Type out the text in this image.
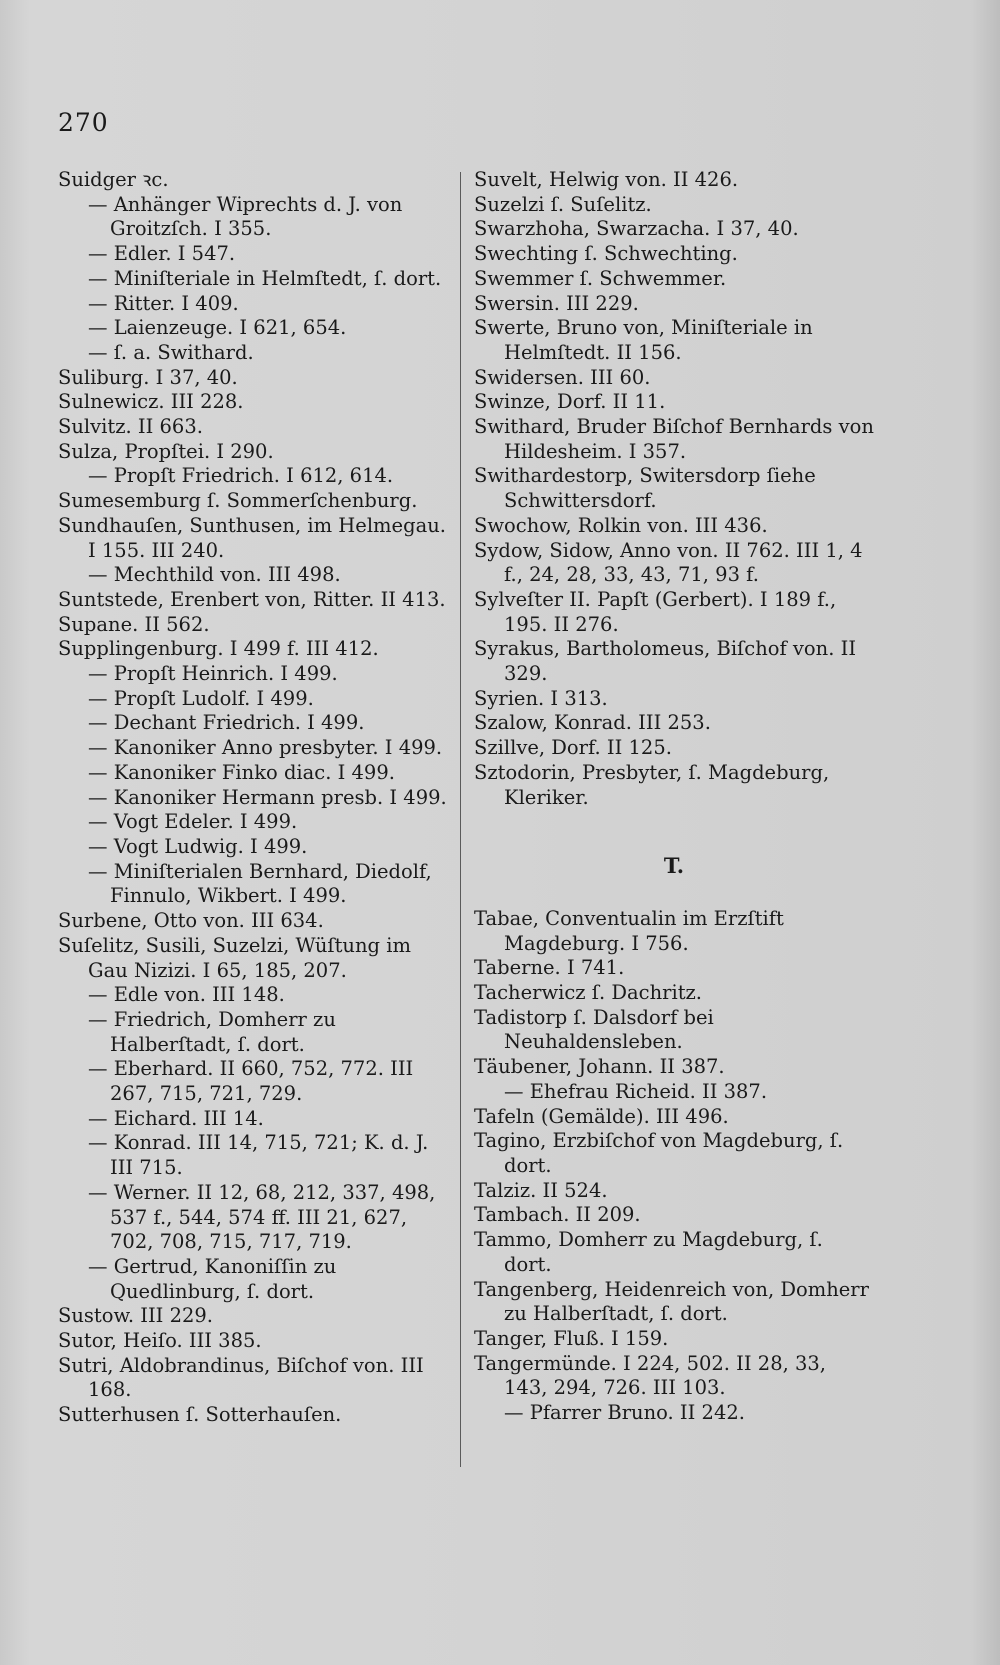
270
Suidger ꝛc.
— Anhänger Wiprechts d. J. von Groitzſch. I 355.
— Edler. I 547.
— Miniſteriale in Helmſtedt, ſ. dort.
— Ritter. I 409.
— Laienzeuge. I 621, 654.
— ſ. a. Swithard.
Suliburg. I 37, 40.
Sulnewicz. III 228.
Sulvitz. II 663.
Sulza, Propſtei. I 290.
— Propſt Friedrich. I 612, 614.
Sumesemburg ſ. Sommerſchenburg.
Sundhauſen, Sunthusen, im Helmegau. I 155. III 240.
— Mechthild von. III 498.
Suntstede, Erenbert von, Ritter. II 413.
Supane. II 562.
Supplingenburg. I 499 f. III 412.
— Propſt Heinrich. I 499.
— Propſt Ludolf. I 499.
— Dechant Friedrich. I 499.
— Kanoniker Anno presbyter. I 499.
— Kanoniker Finko diac. I 499.
— Kanoniker Hermann presb. I 499.
— Vogt Edeler. I 499.
— Vogt Ludwig. I 499.
— Miniſterialen Bernhard, Diedolf, Finnulo, Wikbert. I 499.
Surbene, Otto von. III 634.
Suſelitz, Susili, Suzelzi, Wüſtung im Gau Nizizi. I 65, 185, 207.
— Edle von. III 148.
— Friedrich, Domherr zu Halberſtadt, ſ. dort.
— Eberhard. II 660, 752, 772. III 267, 715, 721, 729.
— Eichard. III 14.
— Konrad. III 14, 715, 721; K. d. J. III 715.
— Werner. II 12, 68, 212, 337, 498, 537 f., 544, 574 ff. III 21, 627, 702, 708, 715, 717, 719.
— Gertrud, Kanoniſſin zu Quedlinburg, ſ. dort.
Sustow. III 229.
Sutor, Heiſo. III 385.
Sutri, Aldobrandinus, Biſchof von. III 168.
Sutterhusen ſ. Sotterhauſen.
Suvelt, Helwig von. II 426.
Suzelzi ſ. Suſelitz.
Swarzhoha, Swarzacha. I 37, 40.
Swechting ſ. Schwechting.
Swemmer ſ. Schwemmer.
Swersin. III 229.
Swerte, Bruno von, Miniſteriale in Helmſtedt. II 156.
Swidersen. III 60.
Swinze, Dorf. II 11.
Swithard, Bruder Biſchof Bernhards von Hildesheim. I 357.
Swithardestorp, Switersdorp ſiehe Schwittersdorf.
Swochow, Rolkin von. III 436.
Sydow, Sidow, Anno von. II 762. III 1, 4 f., 24, 28, 33, 43, 71, 93 f.
Sylveſter II. Papſt (Gerbert). I 189 f., 195. II 276.
Syrakus, Bartholomeus, Biſchof von. II 329.
Syrien. I 313.
Szalow, Konrad. III 253.
Szillve, Dorf. II 125.
Sztodorin, Presbyter, ſ. Magdeburg, Kleriker.
T.
Tabae, Conventualin im Erzſtift Magdeburg. I 756.
Taberne. I 741.
Tacherwicz ſ. Dachritz.
Tadistorp ſ. Dalsdorf bei Neuhaldensleben.
Täubener, Johann. II 387.
— Ehefrau Richeid. II 387.
Tafeln (Gemälde). III 496.
Tagino, Erzbiſchof von Magdeburg, ſ. dort.
Talziz. II 524.
Tambach. II 209.
Tammo, Domherr zu Magdeburg, ſ. dort.
Tangenberg, Heidenreich von, Domherr zu Halberſtadt, ſ. dort.
Tanger, Fluß. I 159.
Tangermünde. I 224, 502. II 28, 33, 143, 294, 726. III 103.
— Pfarrer Bruno. II 242.
